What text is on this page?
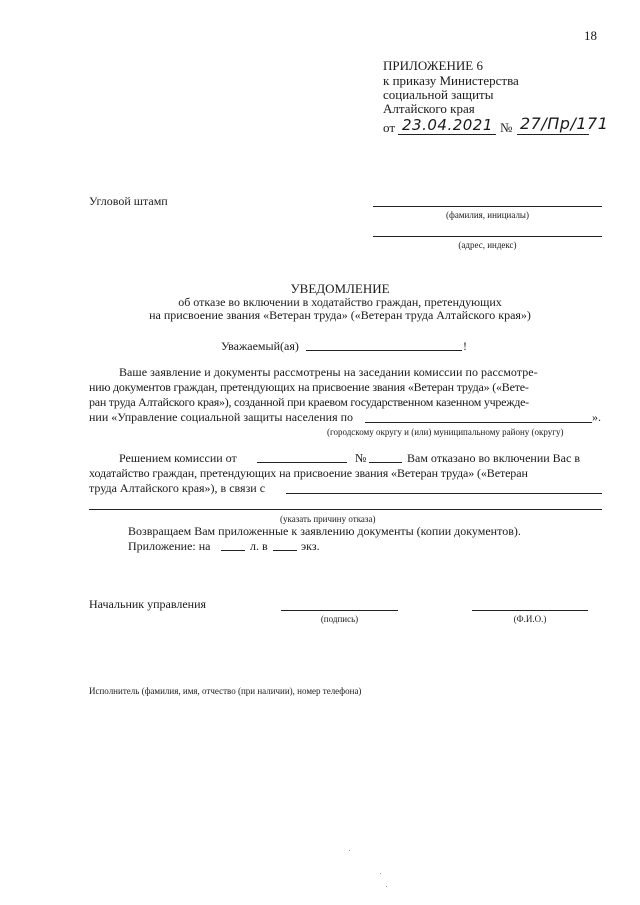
18
ПРИЛОЖЕНИЕ 6
к приказу Министерства
социальной защиты
Алтайского края
от 23.04.2021 № 27/Пр/171
Угловой штамп
(фамилия, инициалы)
(адрес, индекс)
УВЕДОМЛЕНИЕ
об отказе во включении в ходатайство граждан, претендующих
на присвоение звания «Ветеран труда» («Ветеран труда Алтайского края»)
Уважаемый(ая)	!
Ваше заявление и документы рассмотрены на заседании комиссии по рассмотре-
нию документов граждан, претендующих на присвоение звания «Ветеран труда» («Вете-
ран труда Алтайского края»), созданной при краевом государственном казенном учрежде-
нии «Управление социальной защиты населения по	».
(городскому округу и (или) муниципальному району (округу)
Решением комиссии от	№	Вам отказано во включении Вас в
ходатайство граждан, претендующих на присвоение звания «Ветеран труда» («Ветеран
труда Алтайского края»), в связи с
(указать причину отказа)
Возвращаем Вам приложенные к заявлению документы (копии документов).
Приложение: на	л. в	экз.
Начальник управления
(подпись)	(Ф.И.О.)
Исполнитель (фамилия, имя, отчество (при наличии), номер телефона)
